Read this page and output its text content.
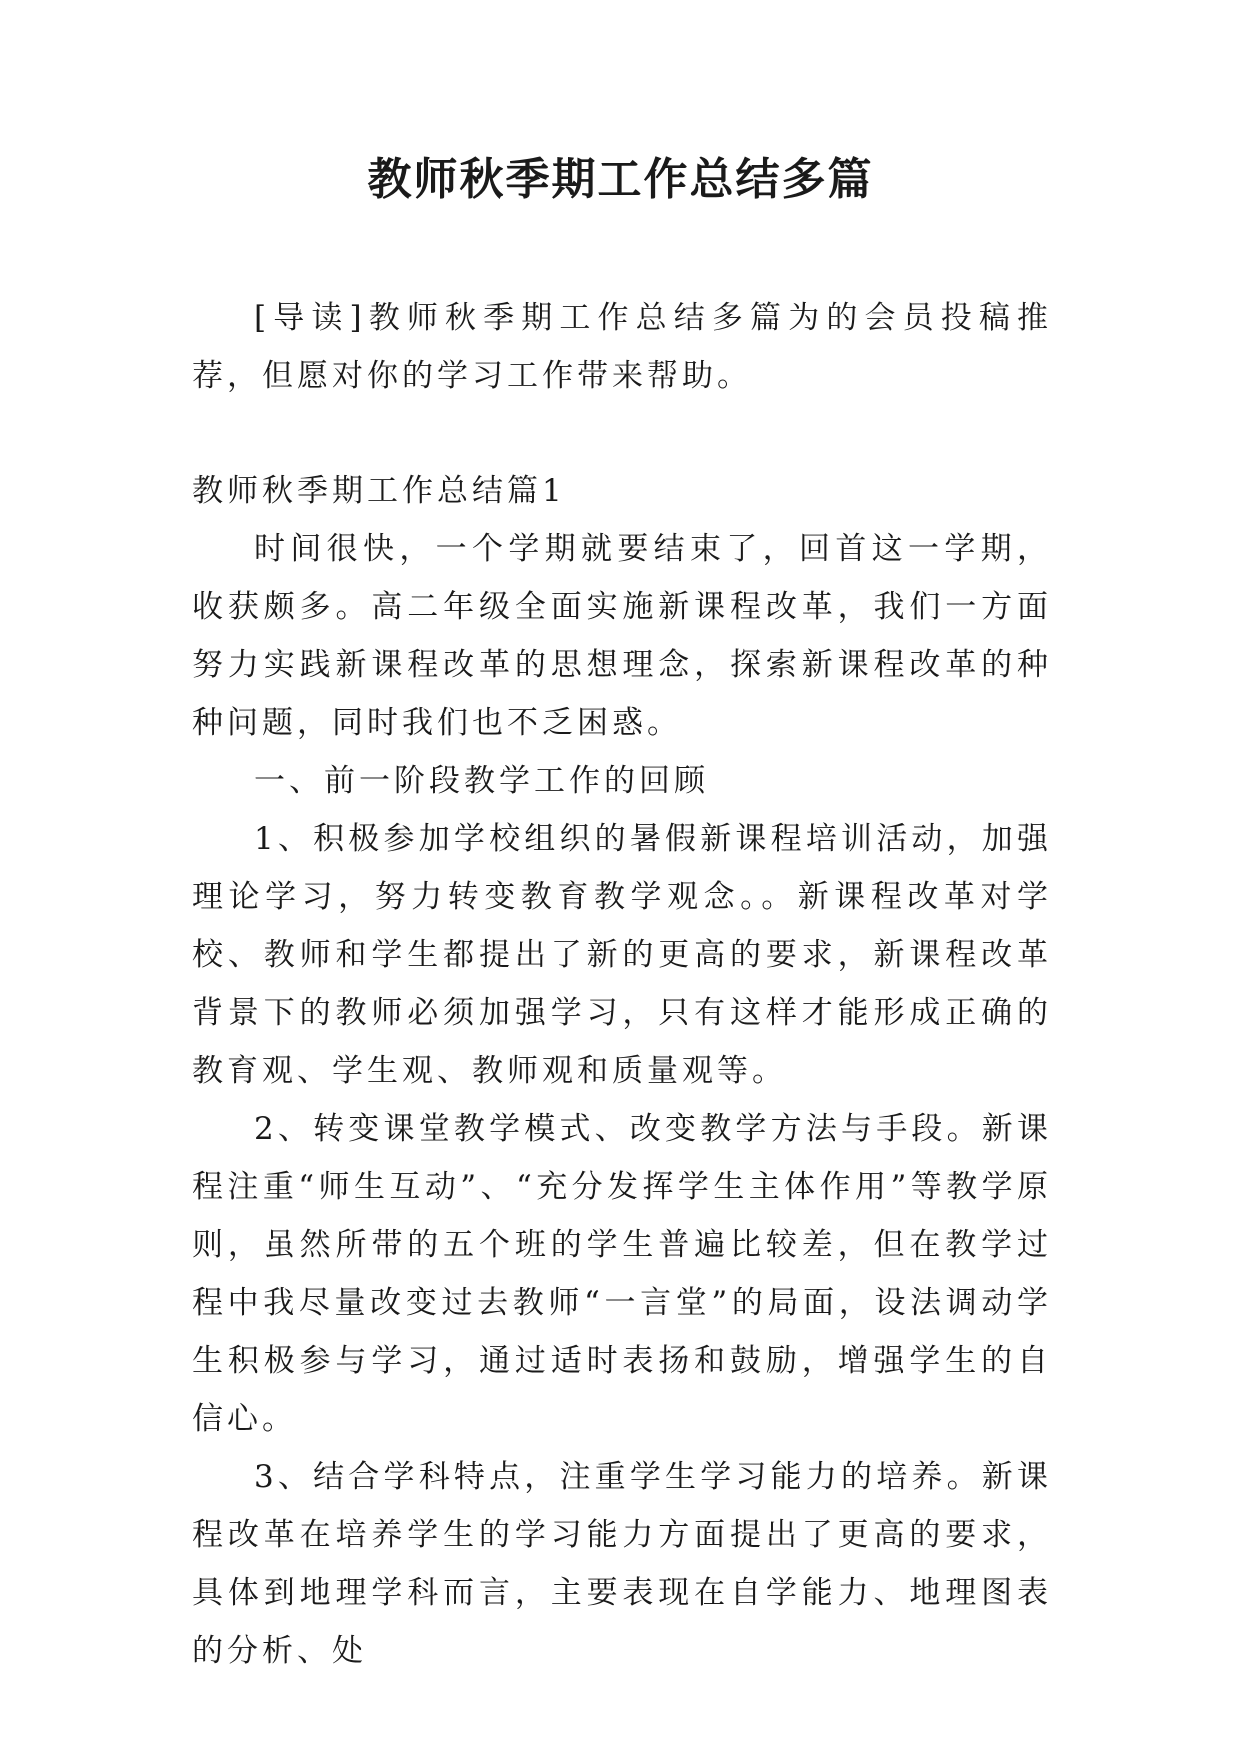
教师秋季期工作总结多篇

[导读]教师秋季期工作总结多篇为的会员投稿推荐，但愿对你的学习工作带来帮助。

教师秋季期工作总结篇1

时间很快，一个学期就要结束了，回首这一学期，收获颇多。高二年级全面实施新课程改革，我们一方面努力实践新课程改革的思想理念，探索新课程改革的种种问题，同时我们也不乏困惑。

一、前一阶段教学工作的回顾

1、积极参加学校组织的暑假新课程培训活动，加强理论学习，努力转变教育教学观念。。新课程改革对学校、教师和学生都提出了新的更高的要求，新课程改革背景下的教师必须加强学习，只有这样才能形成正确的教育观、学生观、教师观和质量观等。

2、转变课堂教学模式、改变教学方法与手段。新课程注重“师生互动”、“充分发挥学生主体作用”等教学原则，虽然所带的五个班的学生普遍比较差，但在教学过程中我尽量改变过去教师“一言堂”的局面，设法调动学生积极参与学习，通过适时表扬和鼓励，增强学生的自信心。

3、结合学科特点，注重学生学习能力的培养。新课程改革在培养学生的学习能力方面提出了更高的要求，具体到地理学科而言，主要表现在自学能力、地理图表的分析、处
